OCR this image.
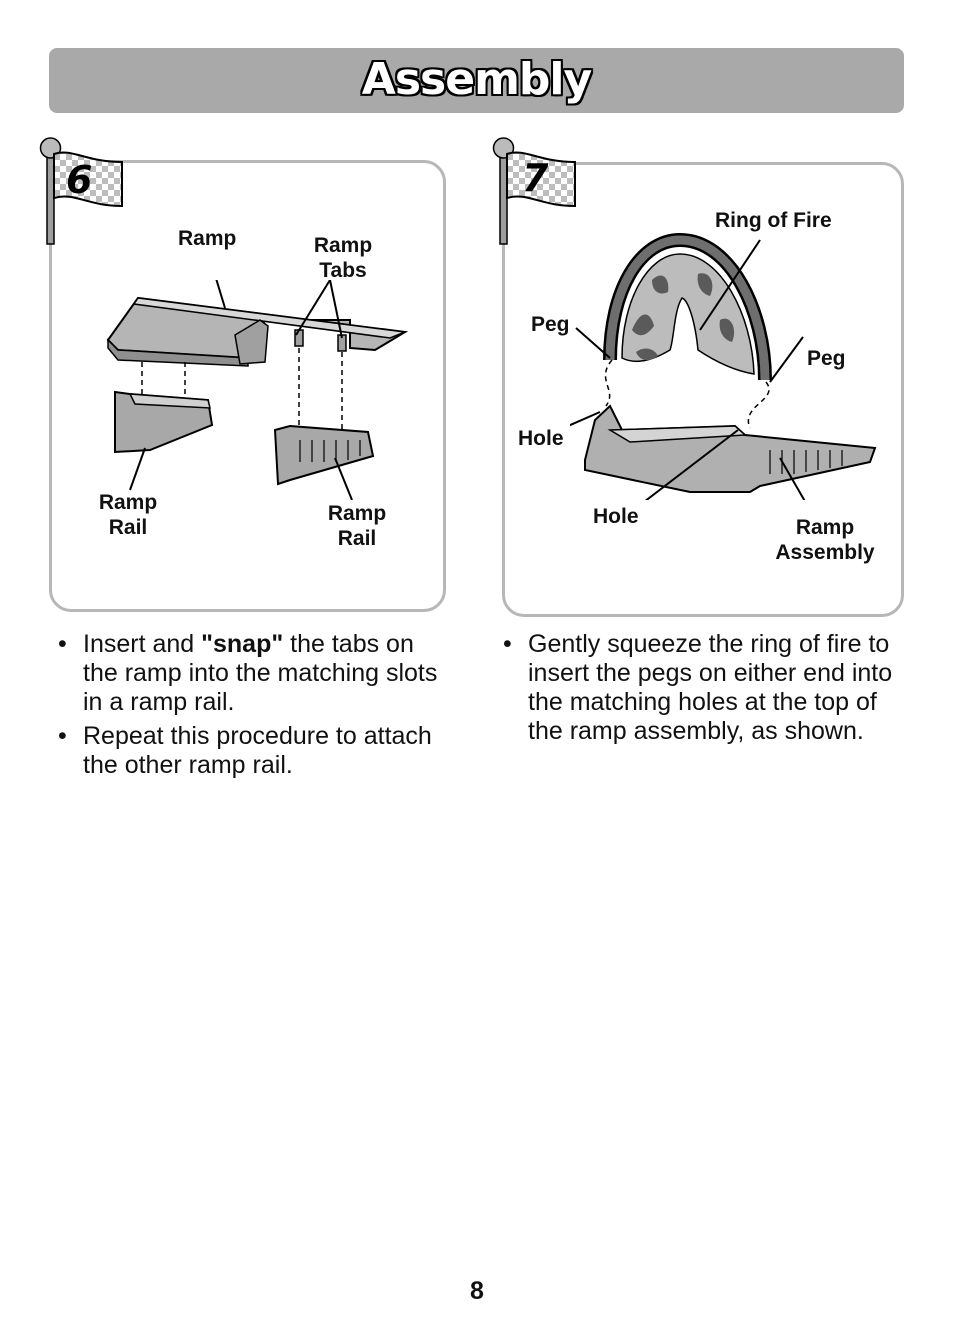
Assembly
6
Ramp	Ramp
Tabs
Ramp
Rail
Ramp
Rail
7
Ring of Fire
Peg
Peg
Hole
Hole	Ramp
Assembly
• Insert and "snap" the tabs on the ramp into the matching slots in a ramp rail.
• Repeat this procedure to attach the other ramp rail.
• Gently squeeze the ring of fire to insert the pegs on either end into the matching holes at the top of the ramp assembly, as shown.
8
